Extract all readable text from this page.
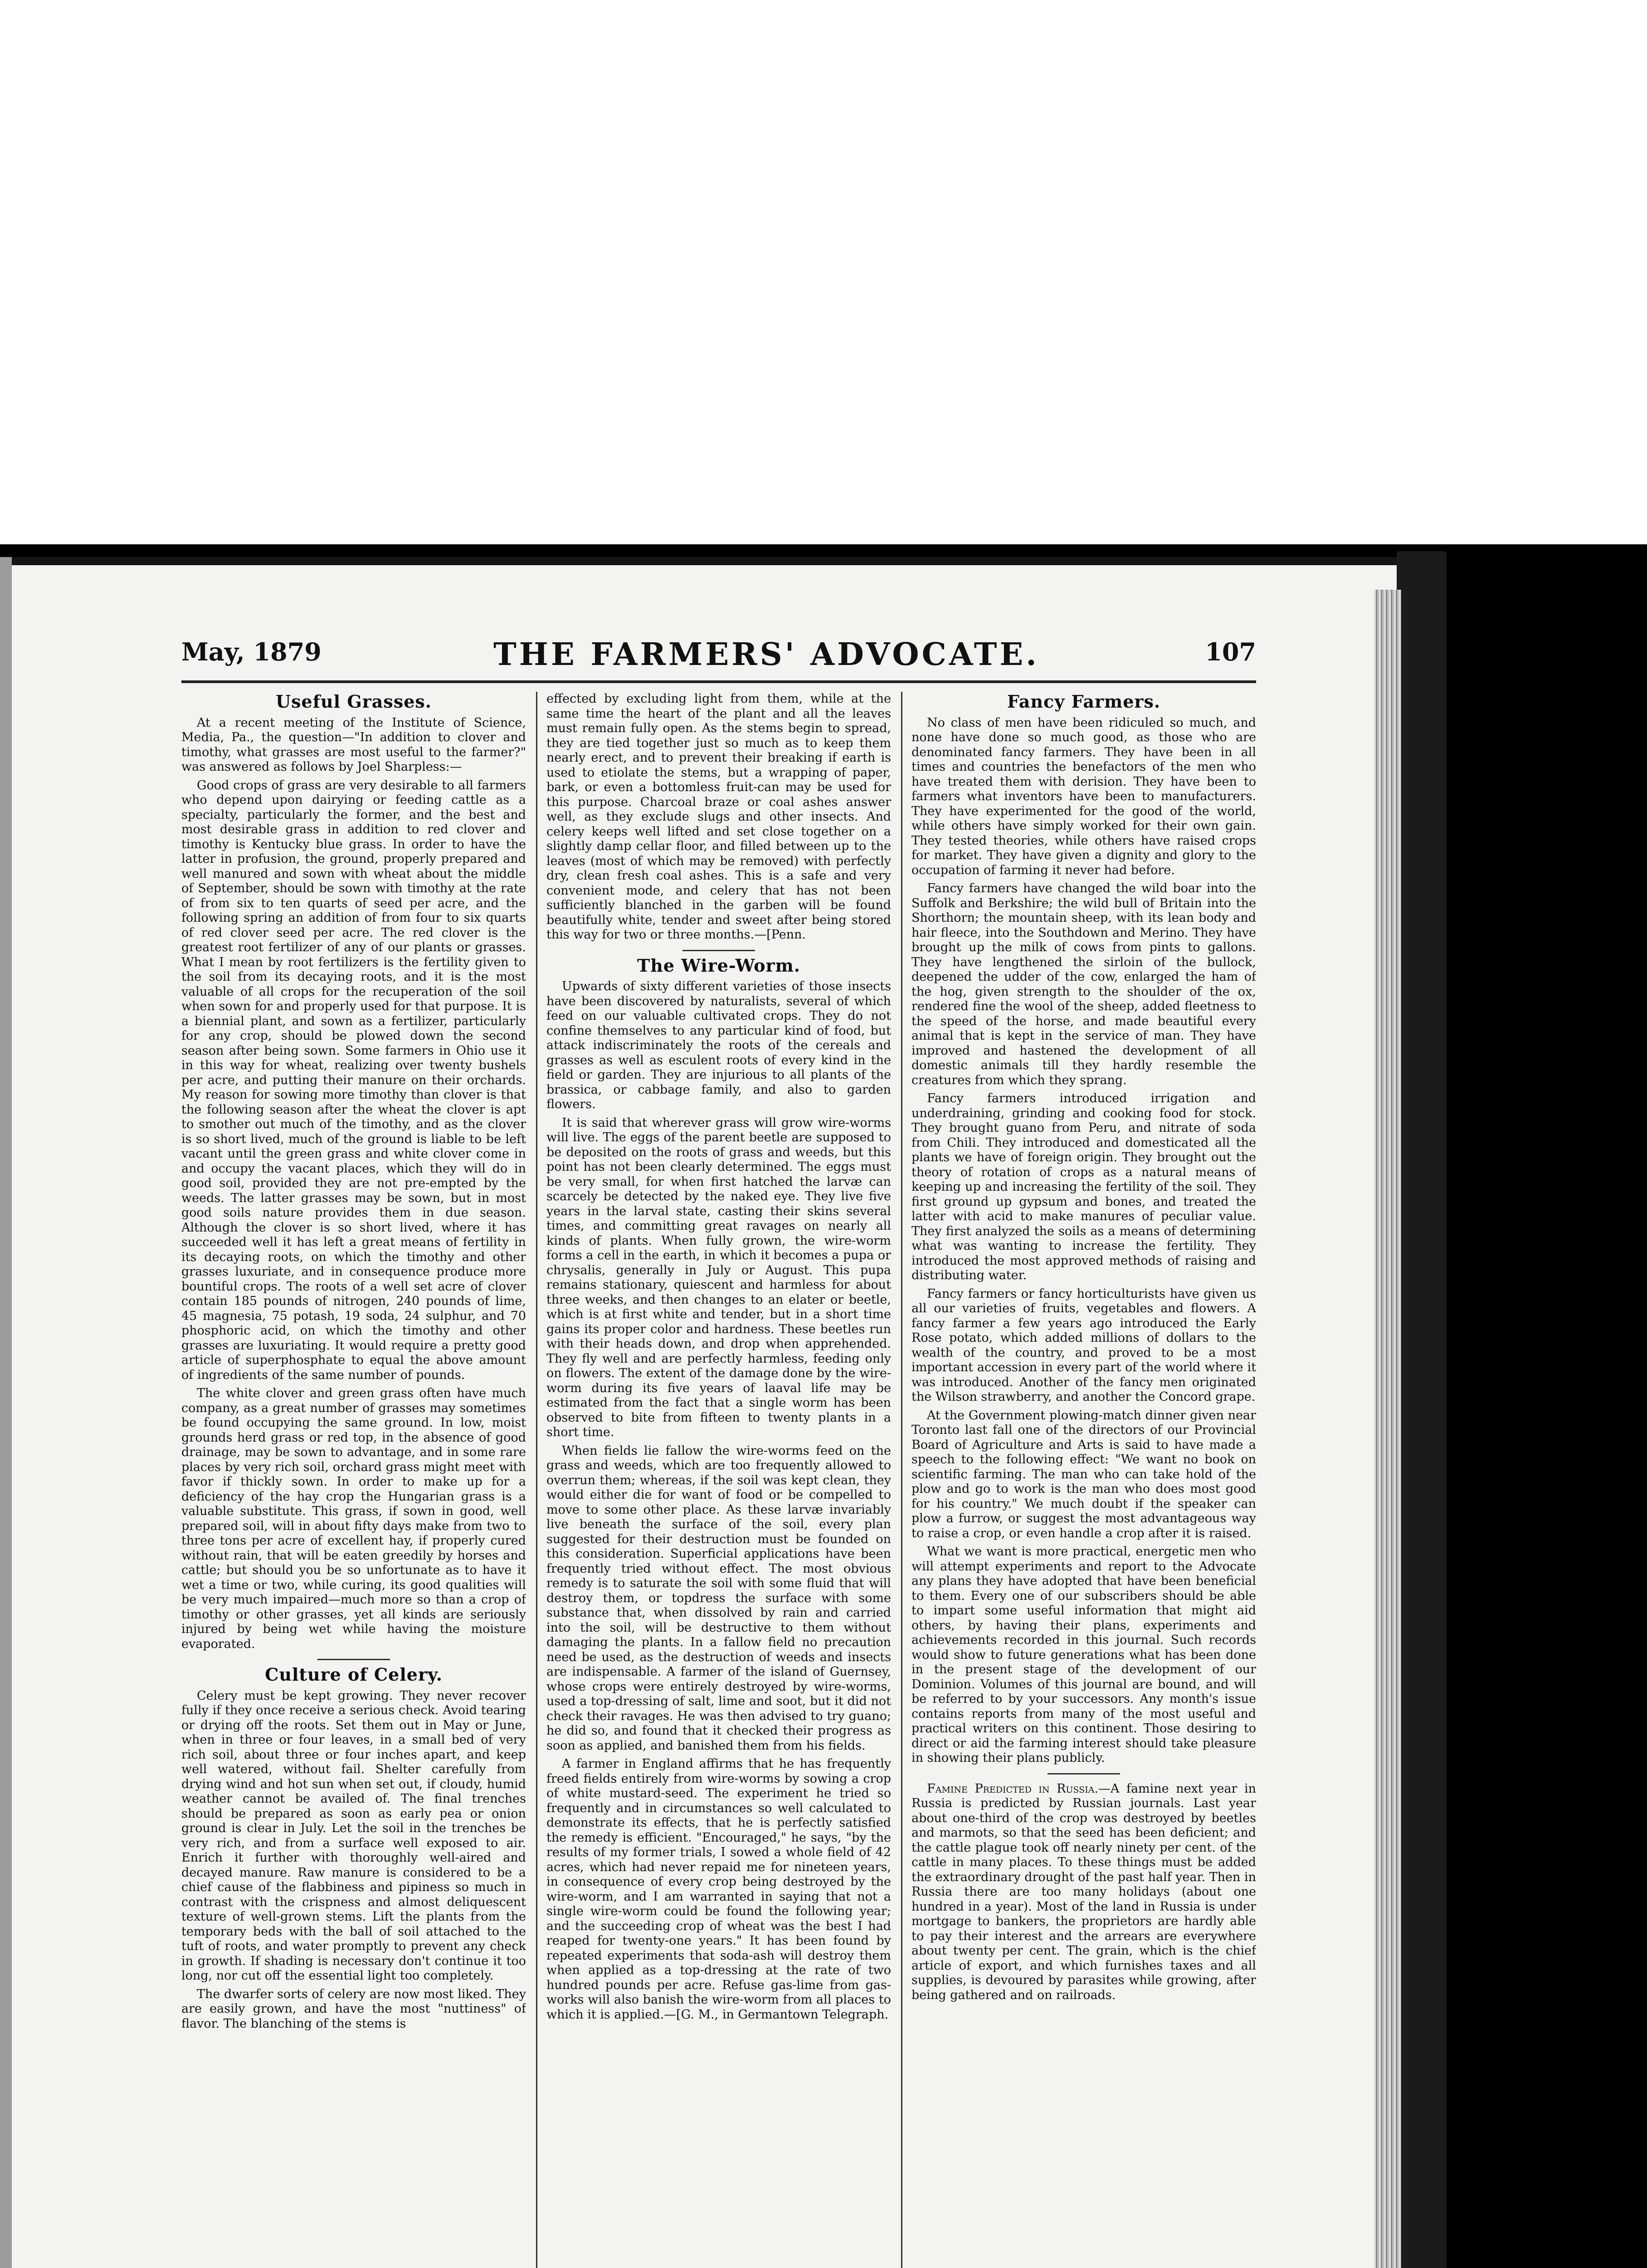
May, 1879	THE FARMERS' ADVOCATE.	107
Useful Grasses.

At a recent meeting of the Institute of Science, Media, Pa., the question—"In addition to clover and timothy, what grasses are most useful to the farmer?" was answered as follows by Joel Sharpless:—

Good crops of grass are very desirable to all farmers who depend upon dairying or feeding cattle as a specialty, particularly the former, and the best and most desirable grass in addition to red clover and timothy is Kentucky blue grass. In order to have the latter in profusion, the ground, properly prepared and well manured and sown with wheat about the middle of September, should be sown with timothy at the rate of from six to ten quarts of seed per acre, and the following spring an addition of from four to six quarts of red clover seed per acre. The red clover is the greatest root fertilizer of any of our plants or grasses. What I mean by root fertilizers is the fertility given to the soil from its decaying roots, and it is the most valuable of all crops for the recuperation of the soil when sown for and properly used for that purpose. It is a biennial plant, and sown as a fertilizer, particularly for any crop, should be plowed down the second season after being sown. Some farmers in Ohio use it in this way for wheat, realizing over twenty bushels per acre, and putting their manure on their orchards. My reason for sowing more timothy than clover is that the following season after the wheat the clover is apt to smother out much of the timothy, and as the clover is so short lived, much of the ground is liable to be left vacant until the green grass and white clover come in and occupy the vacant places, which they will do in good soil, provided they are not pre-empted by the weeds. The latter grasses may be sown, but in most good soils nature provides them in due season. Although the clover is so short lived, where it has succeeded well it has left a great means of fertility in its decaying roots, on which the timothy and other grasses luxuriate, and in consequence produce more bountiful crops. The roots of a well set acre of clover contain 185 pounds of nitrogen, 240 pounds of lime, 45 magnesia, 75 potash, 19 soda, 24 sulphur, and 70 phosphoric acid, on which the timothy and other grasses are luxuriating. It would require a pretty good article of superphosphate to equal the above amount of ingredients of the same number of pounds.

The white clover and green grass often have much company, as a great number of grasses may sometimes be found occupying the same ground. In low, moist grounds herd grass or red top, in the absence of good drainage, may be sown to advantage, and in some rare places by very rich soil, orchard grass might meet with favor if thickly sown. In order to make up for a deficiency of the hay crop the Hungarian grass is a valuable substitute. This grass, if sown in good, well prepared soil, will in about fifty days make from two to three tons per acre of excellent hay, if properly cured without rain, that will be eaten greedily by horses and cattle; but should you be so unfortunate as to have it wet a time or two, while curing, its good qualities will be very much impaired—much more so than a crop of timothy or other grasses, yet all kinds are seriously injured by being wet while having the moisture evaporated.

Culture of Celery.

Celery must be kept growing. They never recover fully if they once receive a serious check. Avoid tearing or drying off the roots. Set them out in May or June, when in three or four leaves, in a small bed of very rich soil, about three or four inches apart, and keep well watered, without fail. Shelter carefully from drying wind and hot sun when set out, if cloudy, humid weather cannot be availed of. The final trenches should be prepared as soon as early pea or onion ground is clear in July. Let the soil in the trenches be very rich, and from a surface well exposed to air. Enrich it further with thoroughly well-aired and decayed manure. Raw manure is considered to be a chief cause of the flabbiness and pipiness so much in contrast with the crispness and almost deliquescent texture of well-grown stems. Lift the plants from the temporary beds with the ball of soil attached to the tuft of roots, and water promptly to prevent any check in growth. If shading is necessary don't continue it too long, nor cut off the essential light too completely.

The dwarfer sorts of celery are now most liked. They are easily grown, and have the most "nuttiness" of flavor. The blanching of the stems is

effected by excluding light from them, while at the same time the heart of the plant and all the leaves must remain fully open. As the stems begin to spread, they are tied together just so much as to keep them nearly erect, and to prevent their breaking if earth is used to etiolate the stems, but a wrapping of paper, bark, or even a bottomless fruit-can may be used for this purpose. Charcoal braze or coal ashes answer well, as they exclude slugs and other insects. And celery keeps well lifted and set close together on a slightly damp cellar floor, and filled between up to the leaves (most of which may be removed) with perfectly dry, clean fresh coal ashes. This is a safe and very convenient mode, and celery that has not been sufficiently blanched in the garben will be found beautifully white, tender and sweet after being stored this way for two or three months.—[Penn.

The Wire-Worm.

Upwards of sixty different varieties of those insects have been discovered by naturalists, several of which feed on our valuable cultivated crops. They do not confine themselves to any particular kind of food, but attack indiscriminately the roots of the cereals and grasses as well as esculent roots of every kind in the field or garden. They are injurious to all plants of the brassica, or cabbage family, and also to garden flowers.

It is said that wherever grass will grow wire-worms will live. The eggs of the parent beetle are supposed to be deposited on the roots of grass and weeds, but this point has not been clearly determined. The eggs must be very small, for when first hatched the larvæ can scarcely be detected by the naked eye. They live five years in the larval state, casting their skins several times, and committing great ravages on nearly all kinds of plants. When fully grown, the wire-worm forms a cell in the earth, in which it becomes a pupa or chrysalis, generally in July or August. This pupa remains stationary, quiescent and harmless for about three weeks, and then changes to an elater or beetle, which is at first white and tender, but in a short time gains its proper color and hardness. These beetles run with their heads down, and drop when apprehended. They fly well and are perfectly harmless, feeding only on flowers. The extent of the damage done by the wire-worm during its five years of laaval life may be estimated from the fact that a single worm has been observed to bite from fifteen to twenty plants in a short time.

When fields lie fallow the wire-worms feed on the grass and weeds, which are too frequently allowed to overrun them; whereas, if the soil was kept clean, they would either die for want of food or be compelled to move to some other place. As these larvæ invariably live beneath the surface of the soil, every plan suggested for their destruction must be founded on this consideration. Superficial applications have been frequently tried without effect. The most obvious remedy is to saturate the soil with some fluid that will destroy them, or topdress the surface with some substance that, when dissolved by rain and carried into the soil, will be destructive to them without damaging the plants. In a fallow field no precaution need be used, as the destruction of weeds and insects are indispensable. A farmer of the island of Guernsey, whose crops were entirely destroyed by wire-worms, used a top-dressing of salt, lime and soot, but it did not check their ravages. He was then advised to try guano; he did so, and found that it checked their progress as soon as applied, and banished them from his fields.

A farmer in England affirms that he has frequently freed fields entirely from wire-worms by sowing a crop of white mustard-seed. The experiment he tried so frequently and in circumstances so well calculated to demonstrate its effects, that he is perfectly satisfied the remedy is efficient. "Encouraged," he says, "by the results of my former trials, I sowed a whole field of 42 acres, which had never repaid me for nineteen years, in consequence of every crop being destroyed by the wire-worm, and I am warranted in saying that not a single wire-worm could be found the following year; and the succeeding crop of wheat was the best I had reaped for twenty-one years." It has been found by repeated experiments that soda-ash will destroy them when applied as a top-dressing at the rate of two hundred pounds per acre. Refuse gas-lime from gas-works will also banish the wire-worm from all places to which it is applied.—[G. M., in Germantown Telegraph.

Fancy Farmers.

No class of men have been ridiculed so much, and none have done so much good, as those who are denominated fancy farmers. They have been in all times and countries the benefactors of the men who have treated them with derision. They have been to farmers what inventors have been to manufacturers. They have experimented for the good of the world, while others have simply worked for their own gain. They tested theories, while others have raised crops for market. They have given a dignity and glory to the occupation of farming it never had before.

Fancy farmers have changed the wild boar into the Suffolk and Berkshire; the wild bull of Britain into the Shorthorn; the mountain sheep, with its lean body and hair fleece, into the Southdown and Merino. They have brought up the milk of cows from pints to gallons. They have lengthened the sirloin of the bullock, deepened the udder of the cow, enlarged the ham of the hog, given strength to the shoulder of the ox, rendered fine the wool of the sheep, added fleetness to the speed of the horse, and made beautiful every animal that is kept in the service of man. They have improved and hastened the development of all domestic animals till they hardly resemble the creatures from which they sprang.

Fancy farmers introduced irrigation and underdraining, grinding and cooking food for stock. They brought guano from Peru, and nitrate of soda from Chili. They introduced and domesticated all the plants we have of foreign origin. They brought out the theory of rotation of crops as a natural means of keeping up and increasing the fertility of the soil. They first ground up gypsum and bones, and treated the latter with acid to make manures of peculiar value. They first analyzed the soils as a means of determining what was wanting to increase the fertility. They introduced the most approved methods of raising and distributing water.

Fancy farmers or fancy horticulturists have given us all our varieties of fruits, vegetables and flowers. A fancy farmer a few years ago introduced the Early Rose potato, which added millions of dollars to the wealth of the country, and proved to be a most important accession in every part of the world where it was introduced. Another of the fancy men originated the Wilson strawberry, and another the Concord grape.

At the Government plowing-match dinner given near Toronto last fall one of the directors of our Provincial Board of Agriculture and Arts is said to have made a speech to the following effect: "We want no book on scientific farming. The man who can take hold of the plow and go to work is the man who does most good for his country." We much doubt if the speaker can plow a furrow, or suggest the most advantageous way to raise a crop, or even handle a crop after it is raised.

What we want is more practical, energetic men who will attempt experiments and report to the Advocate any plans they have adopted that have been beneficial to them. Every one of our subscribers should be able to impart some useful information that might aid others, by having their plans, experiments and achievements recorded in this journal. Such records would show to future generations what has been done in the present stage of the development of our Dominion. Volumes of this journal are bound, and will be referred to by your successors. Any month's issue contains reports from many of the most useful and practical writers on this continent. Those desiring to direct or aid the farming interest should take pleasure in showing their plans publicly.

Famine Predicted in Russia.—A famine next year in Russia is predicted by Russian journals. Last year about one-third of the crop was destroyed by beetles and marmots, so that the seed has been deficient; and the cattle plague took off nearly ninety per cent. of the cattle in many places. To these things must be added the extraordinary drought of the past half year. Then in Russia there are too many holidays (about one hundred in a year). Most of the land in Russia is under mortgage to bankers, the proprietors are hardly able to pay their interest and the arrears are everywhere about twenty per cent. The grain, which is the chief article of export, and which furnishes taxes and all supplies, is devoured by parasites while growing, after being gathered and on railroads.
